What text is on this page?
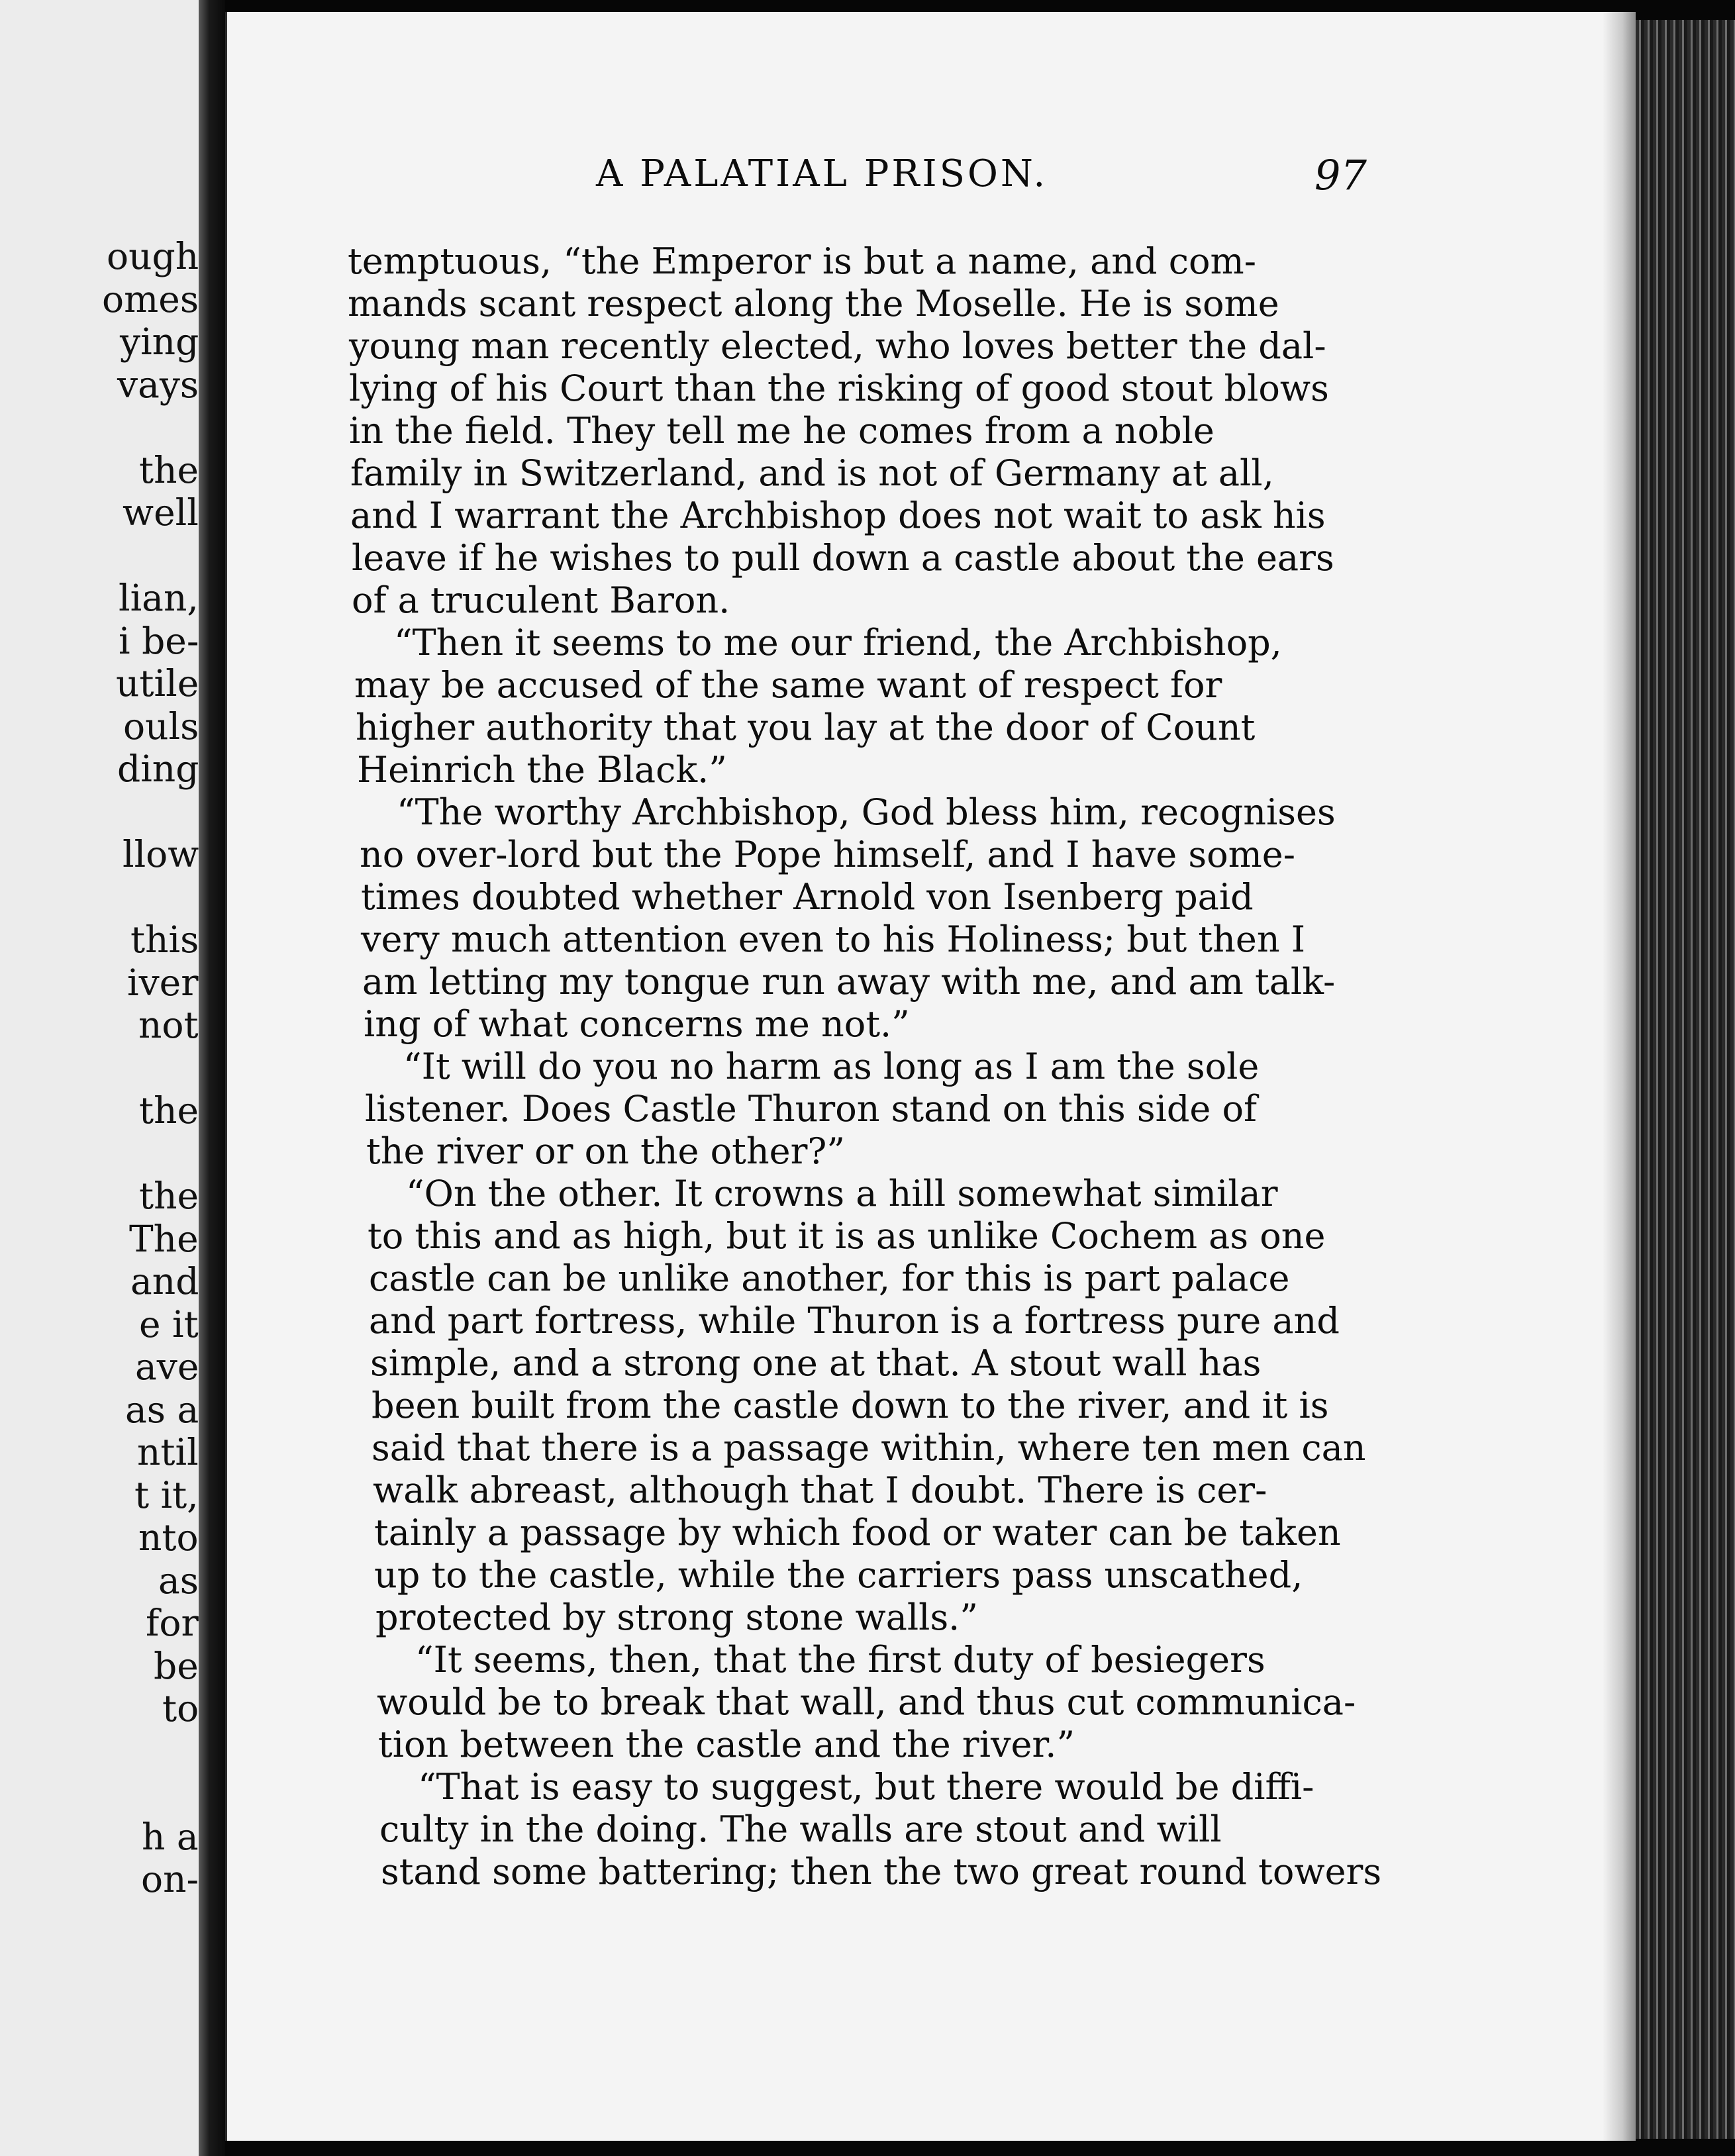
ough
omes
ying
vays
the
well
lian,
i be-
utile
ouls
ding
llow
this
iver
not
the
the
The
and
e it
ave
as a
ntil
t it,
nto
as
for
be
to
h a
on-
A PALATIAL PRISON.	97
temptuous, “the Emperor is but a name, and com-
mands scant respect along the Moselle. He is some
young man recently elected, who loves better the dal-
lying of his Court than the risking of good stout blows
in the field. They tell me he comes from a noble
family in Switzerland, and is not of Germany at all,
and I warrant the Archbishop does not wait to ask his
leave if he wishes to pull down a castle about the ears
of a truculent Baron.
“Then it seems to me our friend, the Archbishop,
may be accused of the same want of respect for
higher authority that you lay at the door of Count
Heinrich the Black.”
“The worthy Archbishop, God bless him, recognises
no over-lord but the Pope himself, and I have some-
times doubted whether Arnold von Isenberg paid
very much attention even to his Holiness; but then I
am letting my tongue run away with me, and am talk-
ing of what concerns me not.”
“It will do you no harm as long as I am the sole
listener. Does Castle Thuron stand on this side of
the river or on the other?”
“On the other. It crowns a hill somewhat similar
to this and as high, but it is as unlike Cochem as one
castle can be unlike another, for this is part palace
and part fortress, while Thuron is a fortress pure and
simple, and a strong one at that. A stout wall has
been built from the castle down to the river, and it is
said that there is a passage within, where ten men can
walk abreast, although that I doubt. There is cer-
tainly a passage by which food or water can be taken
up to the castle, while the carriers pass unscathed,
protected by strong stone walls.”
“It seems, then, that the first duty of besiegers
would be to break that wall, and thus cut communica-
tion between the castle and the river.”
“That is easy to suggest, but there would be diffi-
culty in the doing. The walls are stout and will
stand some battering; then the two great round towers
